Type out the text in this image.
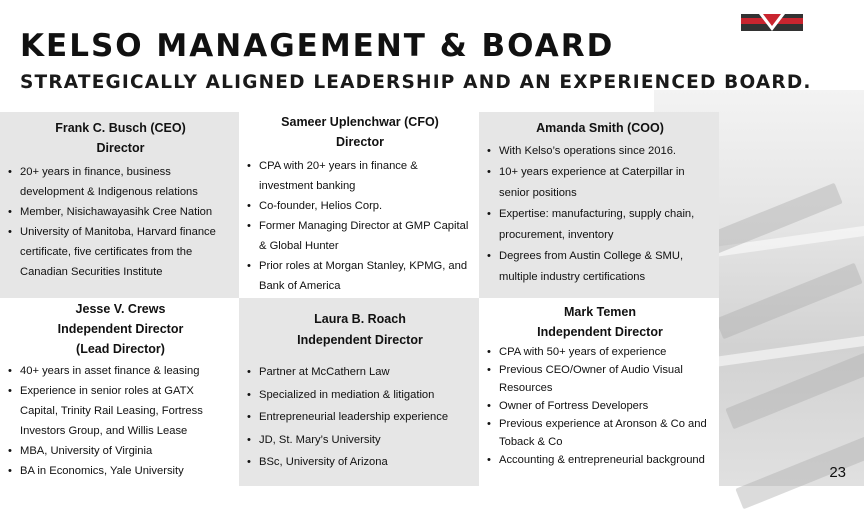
KELSO MANAGEMENT & BOARD
STRATEGICALLY ALIGNED LEADERSHIP AND AN EXPERIENCED BOARD.
Frank C. Busch (CEO)
Director
• 20+ years in finance, business development & Indigenous relations
• Member, Nisichawayasihk Cree Nation
• University of Manitoba, Harvard finance certificate, five certificates from the Canadian Securities Institute
Sameer Uplenchwar (CFO)
Director
• CPA with 20+ years in finance & investment banking
• Co-founder, Helios Corp.
• Former Managing Director at GMP Capital & Global Hunter
• Prior roles at Morgan Stanley, KPMG, and Bank of America
Amanda Smith (COO)
• With Kelso’s operations since 2016.
• 10+ years experience at Caterpillar in senior positions
• Expertise: manufacturing, supply chain, procurement, inventory
• Degrees from Austin College & SMU, multiple industry certifications
Jesse V. Crews
Independent Director
(Lead Director)
• 40+ years in asset finance & leasing
• Experience in senior roles at GATX Capital, Trinity Rail Leasing, Fortress Investors Group, and Willis Lease
• MBA, University of Virginia
• BA in Economics, Yale University
Laura B. Roach
Independent Director
• Partner at McCathern Law
• Specialized in mediation & litigation
• Entrepreneurial leadership experience
• JD, St. Mary’s University
• BSc, University of Arizona
Mark Temen
Independent Director
• CPA with 50+ years of experience
• Previous CEO/Owner of Audio Visual Resources
• Owner of Fortress Developers
• Previous experience at Aronson & Co and Toback & Co
• Accounting & entrepreneurial background
23
